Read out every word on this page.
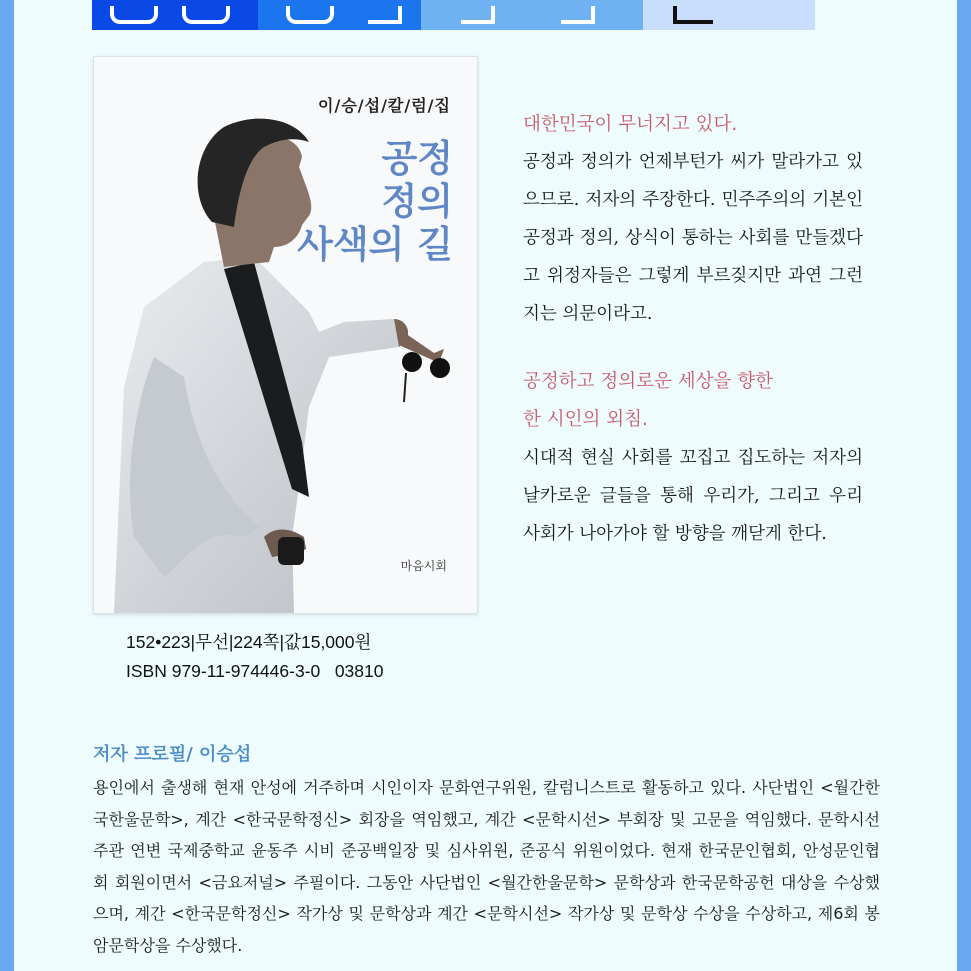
이/승/섭/칼/럼/집
공정
정의
사색의 길
마음시회
152•223|무선|224쪽|값15,000원
ISBN 979-11-974446-3-0   03810
대한민국이 무너지고 있다.
공정과 정의가 언제부턴가 씨가 말라가고 있으므로. 저자의 주장한다. 민주주의의 기본인 공정과 정의, 상식이 통하는 사회를 만들겠다고 위정자들은 그렇게 부르짖지만 과연 그런지는 의문이라고.
공정하고 정의로운 세상을 향한
한 시인의 외침.
시대적 현실 사회를 꼬집고 집도하는 저자의 날카로운 글들을 통해 우리가, 그리고 우리 사회가 나아가야 할 방향을 깨닫게 한다.
저자 프로필/ 이승섭
용인에서 출생해 현재 안성에 거주하며 시인이자 문화연구위원, 칼럼니스트로 활동하고 있다. 사단법인 <월간한국한울문학>, 계간 <한국문학정신> 회장을 역임했고, 계간 <문학시선> 부회장 및 고문을 역임했다. 문학시선 주관 연변 국제중학교 윤동주 시비 준공백일장 및 심사위원, 준공식 위원이었다. 현재 한국문인협회, 안성문인협회 회원이면서 <금요저널> 주필이다. 그동안 사단법인 <월간한울문학> 문학상과 한국문학공헌 대상을 수상했으며, 계간 <한국문학정신> 작가상 및 문학상과 계간 <문학시선> 작가상 및 문학상 수상을 수상하고, 제6회 봉암문학상을 수상했다.
